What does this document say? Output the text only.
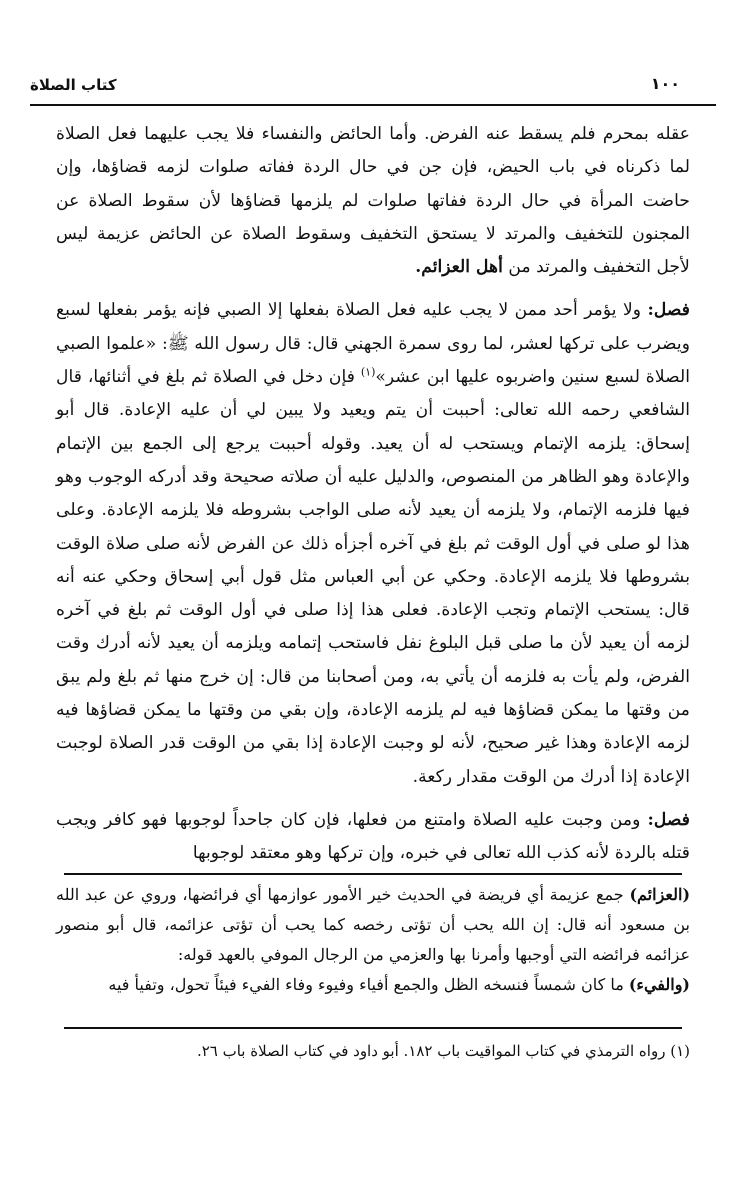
كتاب الصلاة	١٠٠

عقله بمحرم فلم يسقط عنه الفرض. وأما الحائض والنفساء فلا يجب عليهما فعل الصلاة لما ذكرناه في باب الحيض، فإن جن في حال الردة ففاته صلوات لزمه قضاؤها، وإن حاضت المرأة في حال الردة ففاتها صلوات لم يلزمها قضاؤها لأن سقوط الصلاة عن المجنون للتخفيف والمرتد لا يستحق التخفيف وسقوط الصلاة عن الحائض عزيمة ليس لأجل التخفيف والمرتد من أهل العزائم.

فصل: ولا يؤمر أحد ممن لا يجب عليه فعل الصلاة بفعلها إلا الصبي فإنه يؤمر بفعلها لسبع ويضرب على تركها لعشر، لما روى سمرة الجهني قال: قال رسول الله ﷺ: «علموا الصبي الصلاة لسبع سنين واضربوه عليها ابن عشر»$^{(١)}$ فإن دخل في الصلاة ثم بلغ في أثنائها، قال الشافعي رحمه الله تعالى: أحببت أن يتم ويعيد ولا يبين لي أن عليه الإعادة. قال أبو إسحاق: يلزمه الإتمام ويستحب له أن يعيد. وقوله أحببت يرجع إلى الجمع بين الإتمام والإعادة وهو الظاهر من المنصوص، والدليل عليه أن صلاته صحيحة وقد أدركه الوجوب وهو فيها فلزمه الإتمام، ولا يلزمه أن يعيد لأنه صلى الواجب بشروطه فلا يلزمه الإعادة. وعلى هذا لو صلى في أول الوقت ثم بلغ في آخره أجزأه ذلك عن الفرض لأنه صلى صلاة الوقت بشروطها فلا يلزمه الإعادة. وحكي عن أبي العباس مثل قول أبي إسحاق وحكي عنه أنه قال: يستحب الإتمام وتجب الإعادة. فعلى هذا إذا صلى في أول الوقت ثم بلغ في آخره لزمه أن يعيد لأن ما صلى قبل البلوغ نفل فاستحب إتمامه ويلزمه أن يعيد لأنه أدرك وقت الفرض، ولم يأت به فلزمه أن يأتي به، ومن أصحابنا من قال: إن خرج منها ثم بلغ ولم يبق من وقتها ما يمكن قضاؤها فيه لم يلزمه الإعادة، وإن بقي من وقتها ما يمكن قضاؤها فيه لزمه الإعادة وهذا غير صحيح، لأنه لو وجبت الإعادة إذا بقي من الوقت قدر الصلاة لوجبت الإعادة إذا أدرك من الوقت مقدار ركعة.

فصل: ومن وجبت عليه الصلاة وامتنع من فعلها، فإن كان جاحداً لوجوبها فهو كافر ويجب قتله بالردة لأنه كذب الله تعالى في خبره، وإن تركها وهو معتقد لوجوبها

(العزائم) جمع عزيمة أي فريضة في الحديث خير الأمور عوازمها أي فرائضها، وروي عن عبد الله بن مسعود أنه قال: إن الله يحب أن تؤتى رخصه كما يحب أن تؤتى عزائمه، قال أبو منصور عزائمه فرائضه التي أوجبها وأمرنا بها والعزمي من الرجال الموفي بالعهد قوله:
(والفيء) ما كان شمساً فنسخه الظل والجمع أفياء وفيوء وفاء الفيء فيئاً تحول، وتفيأ فيه

(١) رواه الترمذي في كتاب المواقيت باب ١٨٢. أبو داود في كتاب الصلاة باب ٢٦.
